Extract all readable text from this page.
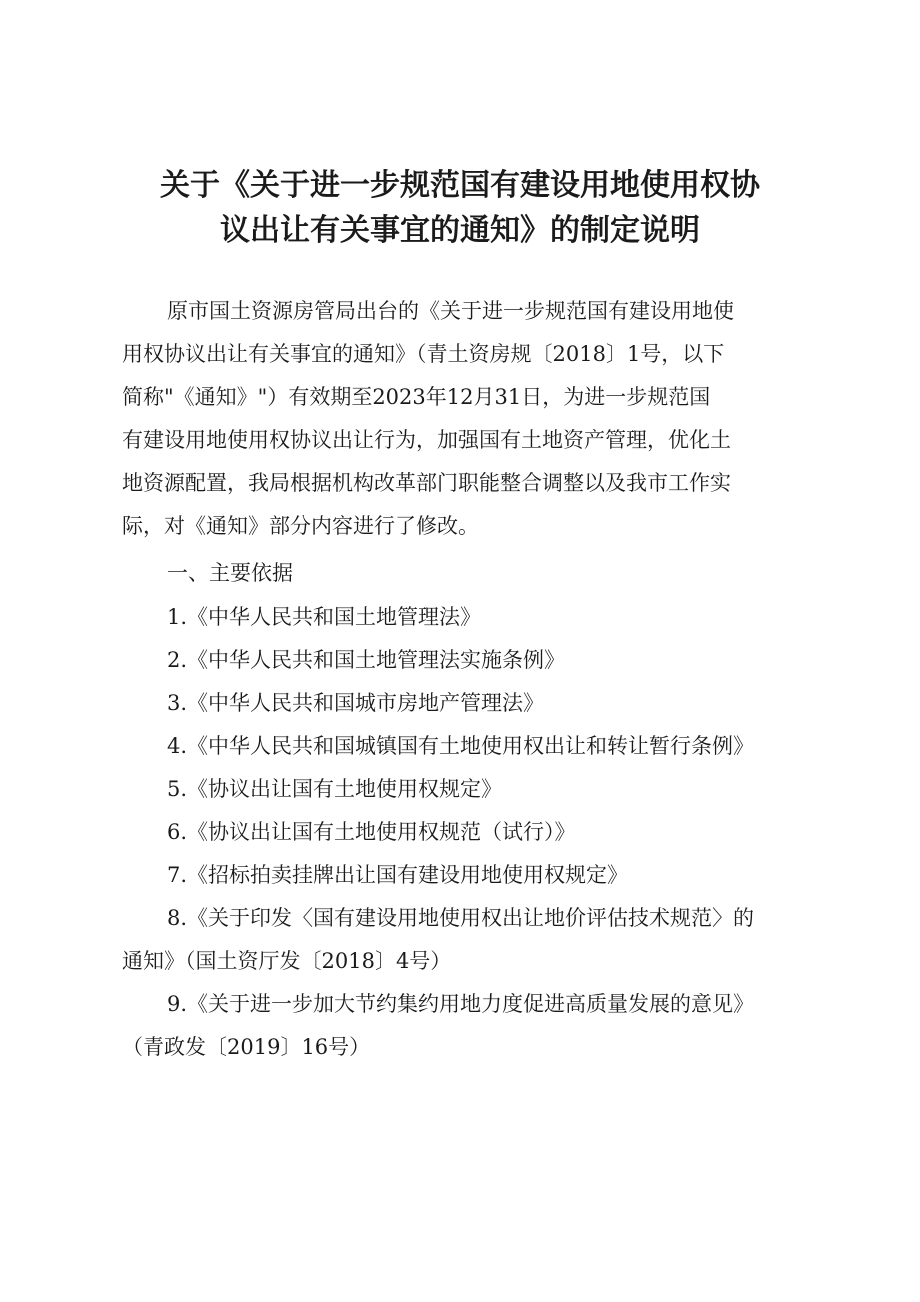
关于《关于进一步规范国有建设用地使用权协
议出让有关事宜的通知》的制定说明
原市国土资源房管局出台的《关于进一步规范国有建设用地使
用权协议出让有关事宜的通知》（青土资房规〔2018〕1号，以下
简称"《通知》"）有效期至2023年12月31日，为进一步规范国
有建设用地使用权协议出让行为，加强国有土地资产管理，优化土
地资源配置，我局根据机构改革部门职能整合调整以及我市工作实
际，对《通知》部分内容进行了修改。
一、主要依据
1.《中华人民共和国土地管理法》
2.《中华人民共和国土地管理法实施条例》
3.《中华人民共和国城市房地产管理法》
4.《中华人民共和国城镇国有土地使用权出让和转让暂行条例》
5.《协议出让国有土地使用权规定》
6.《协议出让国有土地使用权规范（试行）》
7.《招标拍卖挂牌出让国有建设用地使用权规定》
8.《关于印发〈国有建设用地使用权出让地价评估技术规范〉的
通知》（国土资厅发〔2018〕4号）
9.《关于进一步加大节约集约用地力度促进高质量发展的意见》
（青政发〔2019〕16号）
